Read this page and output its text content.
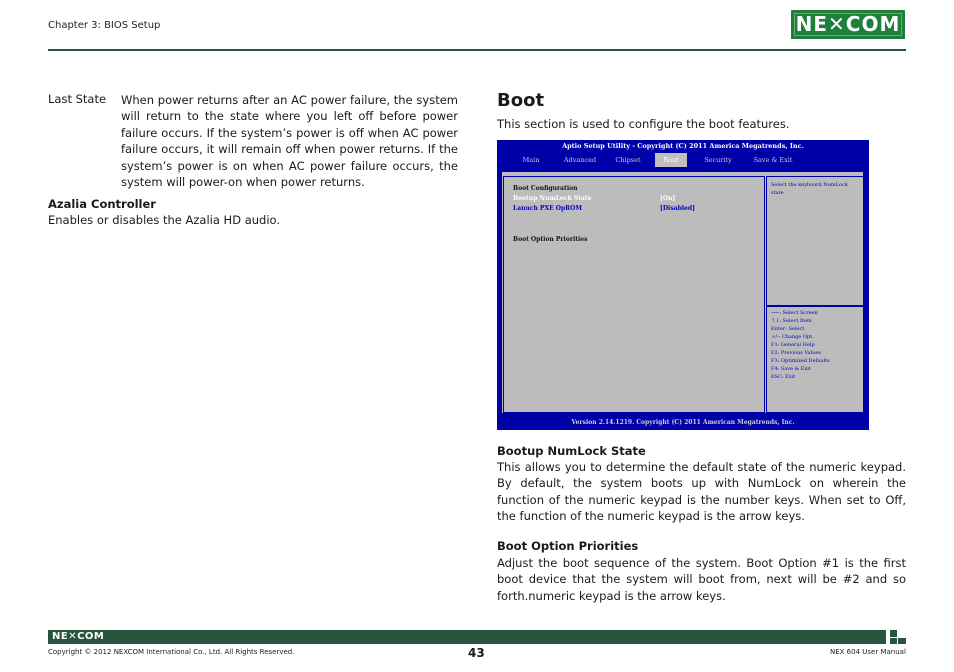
Chapter 3: BIOS Setup	NE✕COM
Last State When power returns after an AC power failure, the system will return to the state where you left off before power failure occurs. If the system’s power is off when AC power failure occurs, it will remain off when power returns. If the system’s power is on when AC power failure occurs, the system will power-on when power returns.
Azalia Controller
Enables or disables the Azalia HD audio.
Boot
This section is used to configure the boot features.
Aptio Setup Utility - Copyright (C) 2011 America Megatrends, Inc.
Main	Advanced	Chipset	Boot	Security	Save & Exit
Boot Configuration
Bootup NumLock State	[On]
Lanuch PXE OpROM	[Disabled]
Boot Option Priorities
Select the keyboard NumLock state
→←: Select Screen
↑↓: Select Item
Enter: Select
+/-: Change Opt.
F1: General Help
F2: Previous Values
F3: Optimized Defaults
F4: Save & Exit
ESC: Exit
Version 2.14.1219. Copyright (C) 2011 American Megatrends, Inc.
Bootup NumLock State
This allows you to determine the default state of the numeric keypad. By default, the system boots up with NumLock on wherein the function of the numeric keypad is the number keys. When set to Off, the function of the numeric keypad is the arrow keys.
Boot Option Priorities
Adjust the boot sequence of the system. Boot Option #1 is the first boot device that the system will boot from, next will be #2 and so forth.numeric keypad is the arrow keys.
NE✕COM
Copyright © 2012 NEXCOM International Co., Ltd. All Rights Reserved.	43	NEX 604 User Manual
